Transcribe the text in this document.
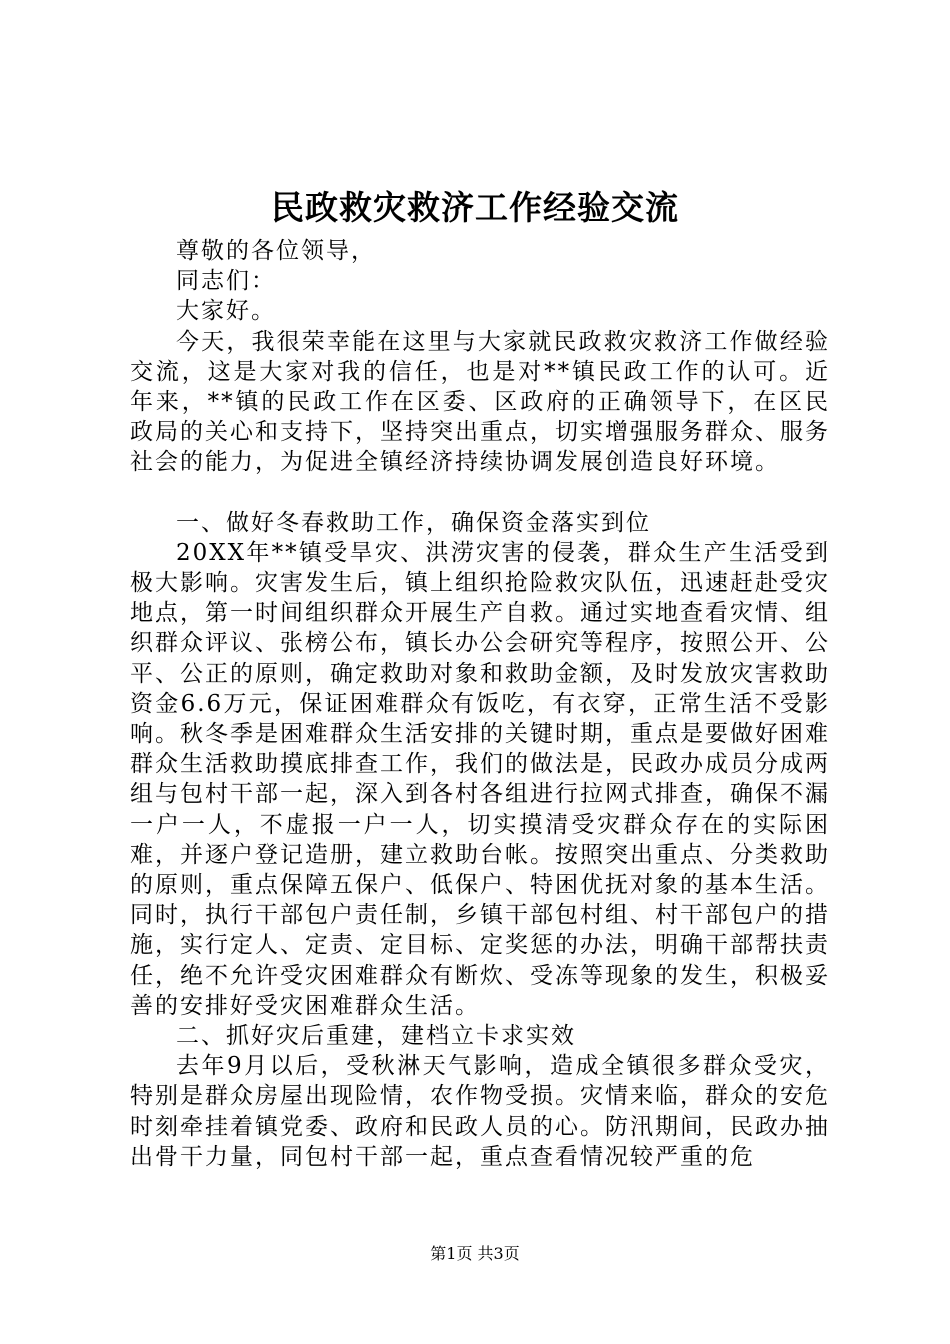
民政救灾救济工作经验交流

尊敬的各位领导，

同志们：

大家好。

今天，我很荣幸能在这里与大家就民政救灾救济工作做经验交流，这是大家对我的信任，也是对**镇民政工作的认可。近年来，**镇的民政工作在区委、区政府的正确领导下，在区民政局的关心和支持下，坚持突出重点，切实增强服务群众、服务社会的能力，为促进全镇经济持续协调发展创造良好环境。

一、做好冬春救助工作，确保资金落实到位

20XX年**镇受旱灾、洪涝灾害的侵袭，群众生产生活受到极大影响。灾害发生后，镇上组织抢险救灾队伍，迅速赶赴受灾地点，第一时间组织群众开展生产自救。通过实地查看灾情、组织群众评议、张榜公布，镇长办公会研究等程序，按照公开、公平、公正的原则，确定救助对象和救助金额，及时发放灾害救助资金6.6万元，保证困难群众有饭吃，有衣穿，正常生活不受影响。秋冬季是困难群众生活安排的关键时期，重点是要做好困难群众生活救助摸底排查工作，我们的做法是，民政办成员分成两组与包村干部一起，深入到各村各组进行拉网式排查，确保不漏一户一人，不虚报一户一人，切实摸清受灾群众存在的实际困难，并逐户登记造册，建立救助台帐。按照突出重点、分类救助的原则，重点保障五保户、低保户、特困优抚对象的基本生活。同时，执行干部包户责任制，乡镇干部包村组、村干部包户的措施，实行定人、定责、定目标、定奖惩的办法，明确干部帮扶责任，绝不允许受灾困难群众有断炊、受冻等现象的发生，积极妥善的安排好受灾困难群众生活。

二、抓好灾后重建，建档立卡求实效

去年9月以后，受秋淋天气影响，造成全镇很多群众受灾，特别是群众房屋出现险情，农作物受损。灾情来临，群众的安危时刻牵挂着镇党委、政府和民政人员的心。防汛期间，民政办抽出骨干力量，同包村干部一起，重点查看情况较严重的危

第1页 共3页
